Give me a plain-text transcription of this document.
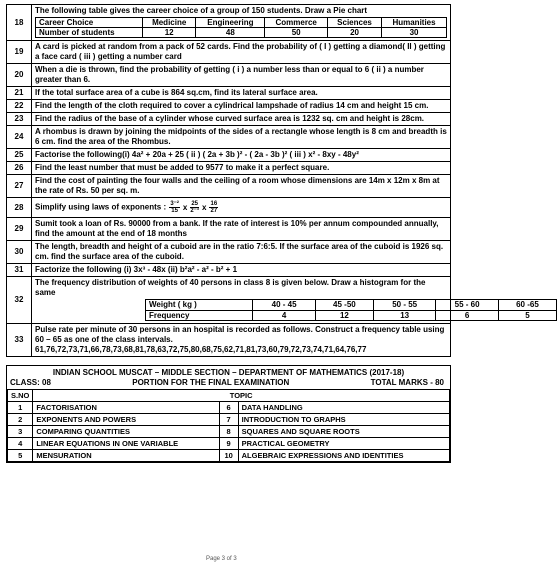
18	
The following table gives the career choice of a group of 150 students. Draw a Pie chart
Career Choice	Medicine	Engineering	Commerce	Sciences	Humanities
Number of students	12	48	50	20	30

19	
A card is picked at random from a pack of 52 cards. Find the probability of ( I ) getting a diamond( II ) getting a face card ( iii ) getting a number card

20	
When a die is thrown, find the probability of getting ( i ) a number less than or equal to 6 ( ii ) a number greater than 6.

21	If the total surface area of a cube is 864 sq.cm, find its lateral surface area.

22	Find the length of the cloth required to cover a cylindrical lampshade of radius 14 cm and height 15 cm.

23	Find the radius of the base of a cylinder whose curved surface area is 1232 sq. cm and height is 28cm.

24	
A rhombus is drawn by joining the midpoints of the sides of a rectangle whose length is 8 cm and breadth is 6 cm. find the area of the Rhombus.

25	Factorise the following(i) 4a² + 20a + 25 ( ii ) ( 2a + 3b )² - ( 2a - 3b )² ( iii ) x² - 8xy - 48y²

26	Find the least number that must be added to 9577 to make it a perfect square.

27	
Find the cost of painting the four walls and the ceiling of a room whose dimensions are 14m x 12m x 8m at the rate of Rs. 50 per sq. m.

28	Simplify using laws of exponents : $\frac{\text{3⁻²}}{15}$ x $\frac{25}{\text{2⁻³}}$ x $\frac{16}{27}$

29	
Sumit took a loan of Rs. 90000 from a bank. If the rate of interest is 10% per annum compounded annually, find the amount at the end of 18 months

30	
The length, breadth and height of a cuboid are in the ratio 7:6:5. If the surface area of the cuboid is 1926 sq. cm. find the surface area of the cuboid.

31	Factorize the following (i) 3x³ - 48x (ii) b²a² - a² - b² + 1

32	
The frequency distribution of weights of 40 persons in class 8 is given below. Draw a histogram for the same
Weight ( kg )	40 - 45	45 -50	50 - 55	55 - 60	60 -65
Frequency	4	12	13	6	5

33	
Pulse rate per minute of 30 persons in an hospital is recorded as follows. Construct a frequency table using 60 – 65 as one of the class intervals.
61,76,72,73,71,66,78,73,68,81,78,63,72,75,80,68,75,62,71,81,73,60,79,72,73,74,71,64,76,77
INDIAN SCHOOL MUSCAT – MIDDLE SECTION – DEPARTMENT OF MATHEMATICS (2017-18)
CLASS: 08	PORTION FOR THE FINAL EXAMINATION	TOTAL MARKS - 80
S.NO	TOPIC		
1	FACTORISATION	6	DATA HANDLING
2	EXPONENTS AND POWERS	7	INTRODUCTION TO GRAPHS
3	COMPARING QUANTITIES	8	SQUARES AND SQUARE ROOTS
4	LINEAR EQUATIONS IN ONE VARIABLE	9	PRACTICAL GEOMETRY
5	MENSURATION	10	ALGEBRAIC EXPRESSIONS AND IDENTITIES
Page 3 of 3
